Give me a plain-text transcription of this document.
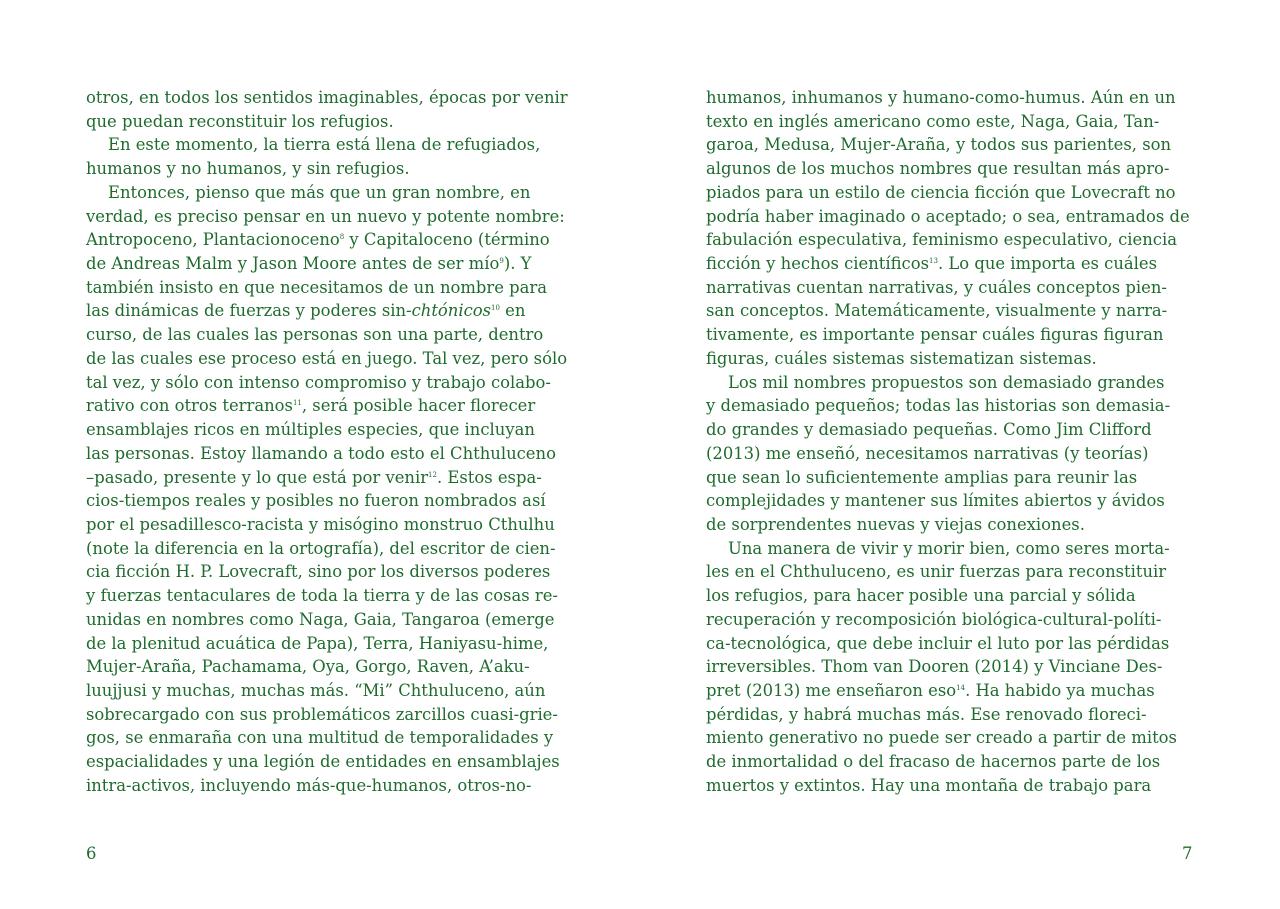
otros, en todos los sentidos imaginables, épocas por venir
que puedan reconstituir los refugios.
En este momento, la tierra está llena de refugiados,
humanos y no humanos, y sin refugios.
Entonces, pienso que más que un gran nombre, en
verdad, es preciso pensar en un nuevo y potente nombre:
Antropoceno, Plantacionoceno$^8$ y Capitaloceno (término
de Andreas Malm y Jason Moore antes de ser mío$^9$). Y
también insisto en que necesitamos de un nombre para
las dinámicas de fuerzas y poderes sin-chtónicos$^{10}$ en
curso, de las cuales las personas son una parte, dentro
de las cuales ese proceso está en juego. Tal vez, pero sólo
tal vez, y sólo con intenso compromiso y trabajo colabo-
rativo con otros terranos$^{11}$, será posible hacer florecer
ensamblajes ricos en múltiples especies, que incluyan
las personas. Estoy llamando a todo esto el Chthuluceno
–pasado, presente y lo que está por venir$^{12}$. Estos espa-
cios-tiempos reales y posibles no fueron nombrados así
por el pesadillesco-racista y misógino monstruo Cthulhu
(note la diferencia en la ortografía), del escritor de cien-
cia ficción H. P. Lovecraft, sino por los diversos poderes
y fuerzas tentaculares de toda la tierra y de las cosas re-
unidas en nombres como Naga, Gaia, Tangaroa (emerge
de la plenitud acuática de Papa), Terra, Haniyasu-hime,
Mujer-Araña, Pachamama, Oya, Gorgo, Raven, A’aku-
luujjusi y muchas, muchas más. “Mi” Chthuluceno, aún
sobrecargado con sus problemáticos zarcillos cuasi-grie-
gos, se enmaraña con una multitud de temporalidades y
espacialidades y una legión de entidades en ensamblajes
intra-activos, incluyendo más-que-humanos, otros-no-
humanos, inhumanos y humano-como-humus. Aún en un
texto en inglés americano como este, Naga, Gaia, Tan-
garoa, Medusa, Mujer-Araña, y todos sus parientes, son
algunos de los muchos nombres que resultan más apro-
piados para un estilo de ciencia ficción que Lovecraft no
podría haber imaginado o aceptado; o sea, entramados de
fabulación especulativa, feminismo especulativo, ciencia
ficción y hechos científicos$^{13}$. Lo que importa es cuáles
narrativas cuentan narrativas, y cuáles conceptos pien-
san conceptos. Matemáticamente, visualmente y narra-
tivamente, es importante pensar cuáles figuras figuran
figuras, cuáles sistemas sistematizan sistemas.
Los mil nombres propuestos son demasiado grandes
y demasiado pequeños; todas las historias son demasia-
do grandes y demasiado pequeñas. Como Jim Clifford
(2013) me enseñó, necesitamos narrativas (y teorías)
que sean lo suficientemente amplias para reunir las
complejidades y mantener sus límites abiertos y ávidos
de sorprendentes nuevas y viejas conexiones.
Una manera de vivir y morir bien, como seres morta-
les en el Chthuluceno, es unir fuerzas para reconstituir
los refugios, para hacer posible una parcial y sólida
recuperación y recomposición biológica-cultural-políti-
ca-tecnológica, que debe incluir el luto por las pérdidas
irreversibles. Thom van Dooren (2014) y Vinciane Des-
pret (2013) me enseñaron eso$^{14}$. Ha habido ya muchas
pérdidas, y habrá muchas más. Ese renovado floreci-
miento generativo no puede ser creado a partir de mitos
de inmortalidad o del fracaso de hacernos parte de los
muertos y extintos. Hay una montaña de trabajo para
6	7
